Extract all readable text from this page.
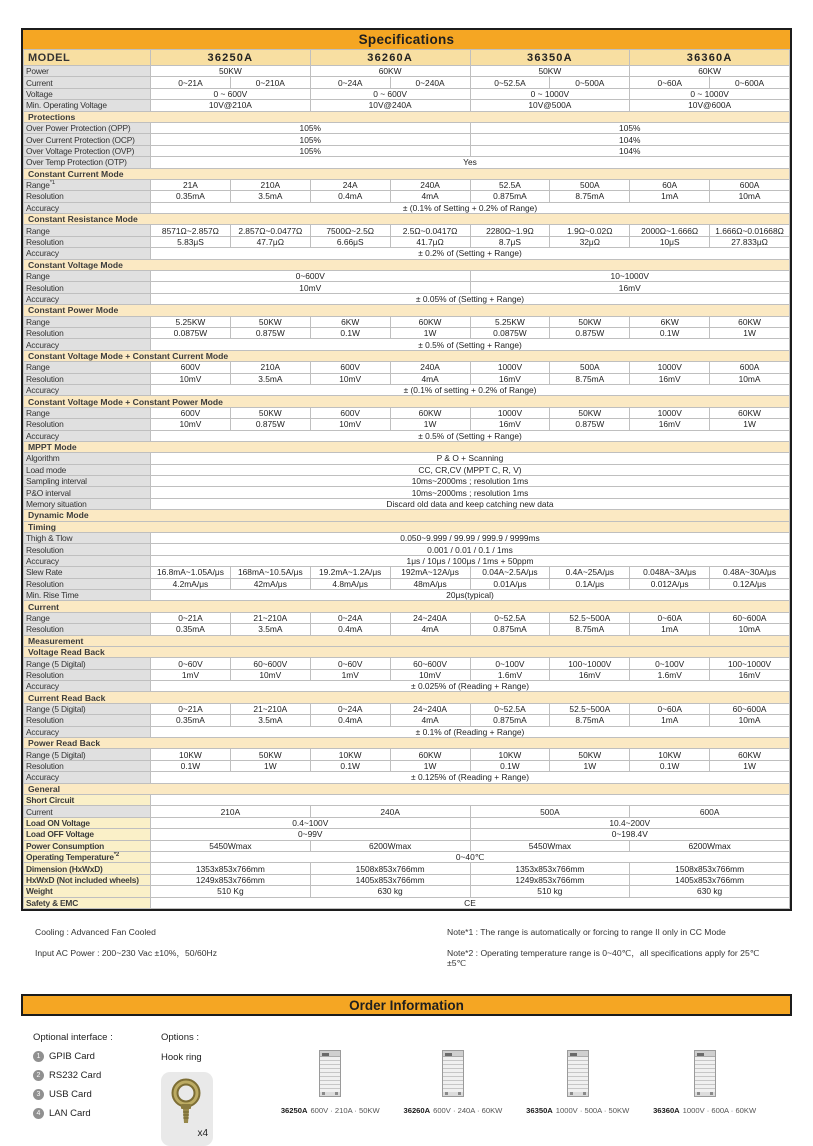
Specifications
MODEL	36250A		36260A		36350A		36360A	
Power	50KW		60KW		50KW		60KW	
Current	0~21A	0~210A	0~24A	0~240A	0~52.5A	0~500A	0~60A	0~600A
Voltage	0 ~ 600V		0 ~ 600V		0 ~ 1000V		0 ~ 1000V	
Min. Operating Voltage	10V@210A		10V@240A		10V@500A		10V@600A	
Protections								
Over Power Protection (OPP)	105%				105%			
Over Current Protection (OCP)	105%				104%			
Over Voltage Protection (OVP)	105%				104%			
Over Temp Protection (OTP)	Yes							
Constant Current Mode								
Range$^{*1}$	21A	210A	24A	240A	52.5A	500A	60A	600A
Resolution	0.35mA	3.5mA	0.4mA	4mA	0.875mA	8.75mA	1mA	10mA
Accuracy	± (0.1% of Setting + 0.2% of Range)							
Constant Resistance Mode								
Range	8571Ω~2.857Ω	2.857Ω~0.0477Ω	7500Ω~2.5Ω	2.5Ω~0.0417Ω	2280Ω~1.9Ω	1.9Ω~0.02Ω	2000Ω~1.666Ω	1.666Ω~0.01668Ω
Resolution	5.83μS	47.7μΩ	6.66μS	41.7μΩ	8.7μS	32μΩ	10μS	27.833μΩ
Accuracy	± 0.2% of (Setting + Range)							
Constant Voltage Mode								
Range	0~600V				10~1000V			
Resolution	10mV				16mV			
Accuracy	± 0.05% of (Setting + Range)							
Constant Power Mode								
Range	5.25KW	50KW	6KW	60KW	5.25KW	50KW	6KW	60KW
Resolution	0.0875W	0.875W	0.1W	1W	0.0875W	0.875W	0.1W	1W
Accuracy	± 0.5% of (Setting + Range)							
Constant Voltage Mode + Constant Current Mode								
Range	600V	210A	600V	240A	1000V	500A	1000V	600A
Resolution	10mV	3.5mA	10mV	4mA	16mV	8.75mA	16mV	10mA
Accuracy	± (0.1% of setting + 0.2% of Range)							
Constant Voltage Mode + Constant Power Mode								
Range	600V	50KW	600V	60KW	1000V	50KW	1000V	60KW
Resolution	10mV	0.875W	10mV	1W	16mV	0.875W	16mV	1W
Accuracy	± 0.5% of (Setting + Range)							
MPPT Mode								
Algorithm	P & O + Scanning							
Load mode	CC, CR,CV (MPPT C, R, V)							
Sampling interval	10ms~2000ms ; resolution 1ms							
P&O interval	10ms~2000ms ; resolution 1ms							
Memory situation	Discard old data and keep catching new data							
Dynamic Mode								
Timing								
Thigh & Tlow	0.050~9.999 / 99.99 / 999.9 / 9999ms							
Resolution	0.001 / 0.01 / 0.1 / 1ms							
Accuracy	1μs / 10μs / 100μs / 1ms + 50ppm							
Slew Rate	16.8mA~1.05A/μs	168mA~10.5A/μs	19.2mA~1.2A/μs	192mA~12A/μs	0.04A~2.5A/μs	0.4A~25A/μs	0.048A~3A/μs	0.48A~30A/μs
Resolution	4.2mA/μs	42mA/μs	4.8mA/μs	48mA/μs	0.01A/μs	0.1A/μs	0.012A/μs	0.12A/μs
Min. Rise Time	20μs(typical)							
Current								
Range	0~21A	21~210A	0~24A	24~240A	0~52.5A	52.5~500A	0~60A	60~600A
Resolution	0.35mA	3.5mA	0.4mA	4mA	0.875mA	8.75mA	1mA	10mA
Measurement								
Voltage Read Back								
Range (5 Digital)	0~60V	60~600V	0~60V	60~600V	0~100V	100~1000V	0~100V	100~1000V
Resolution	1mV	10mV	1mV	10mV	1.6mV	16mV	1.6mV	16mV
Accuracy	± 0.025% of (Reading + Range)							
Current Read Back								
Range (5 Digital)	0~21A	21~210A	0~24A	24~240A	0~52.5A	52.5~500A	0~60A	60~600A
Resolution	0.35mA	3.5mA	0.4mA	4mA	0.875mA	8.75mA	1mA	10mA
Accuracy	± 0.1% of (Reading + Range)							
Power Read Back								
Range (5 Digital)	10KW	50KW	10KW	60KW	10KW	50KW	10KW	60KW
Resolution	0.1W	1W	0.1W	1W	0.1W	1W	0.1W	1W
Accuracy	± 0.125% of (Reading + Range)							
General								
Short Circuit								
Current	210A		240A		500A		600A	
Load ON Voltage	0.4~100V				10.4~200V			
Load OFF Voltage	0~99V				0~198.4V			
Power Consumption	5450Wmax		6200Wmax		5450Wmax		6200Wmax	
Operating Temperature$^{*2}$	0~40℃							
Dimension (HxWxD)	1353x853x766mm		1508x853x766mm		1353x853x766mm		1508x853x766mm	
HxWxD (Not included wheels)	1249x853x766mm		1405x853x766mm		1249x853x766mm		1405x853x766mm	
Weight	510 Kg		630 kg		510 kg		630 kg	
Safety & EMC	CE							

Cooling : Advanced Fan Cooled

Input AC Power : 200~230 Vac ±10%，50/60Hz

Note*1 : The range is automatically or forcing to range II only in CC Mode

Note*2 : Operating temperature range is 0~40℃，all specifications apply for 25℃±5℃

Order Information
Optional interface :
1 GPIB Card
2 RS232 Card
3 USB Card
4 LAN Card
Options :
Hook ring
x4
36250A 600V · 210A · 50KW	36260A 600V · 240A · 60KW	36350A 1000V · 500A · 50KW	36360A 1000V · 600A · 60KW
